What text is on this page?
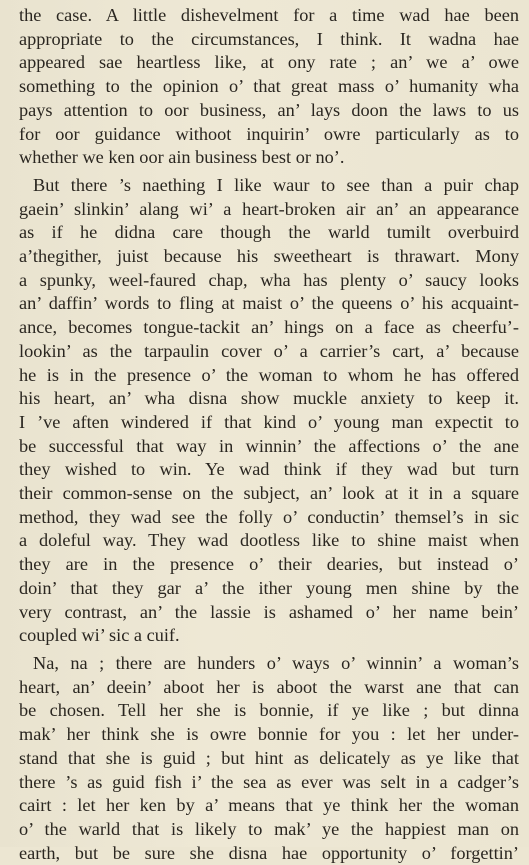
the case. A little dishevelment for a time wad hae been
appropriate to the circumstances, I think. It wadna hae
appeared sae heartless like, at ony rate ; an’ we a’ owe
something to the opinion o’ that great mass o’ humanity wha
pays attention to oor business, an’ lays doon the laws to us
for oor guidance withoot inquirin’ owre particularly as to
whether we ken oor ain business best or no’.

But there ’s naething I like waur to see than a puir chap
gaein’ slinkin’ alang wi’ a heart-broken air an’ an appearance
as if he didna care though the warld tumilt overbuird
a’thegither, juist because his sweetheart is thrawart. Mony
a spunky, weel-faured chap, wha has plenty o’ saucy looks
an’ daffin’ words to fling at maist o’ the queens o’ his acquaint-
ance, becomes tongue-tackit an’ hings on a face as cheerfu’-
lookin’ as the tarpaulin cover o’ a carrier’s cart, a’ because
he is in the presence o’ the woman to whom he has offered
his heart, an’ wha disna show muckle anxiety to keep it.
I ’ve aften windered if that kind o’ young man expectit to
be successful that way in winnin’ the affections o’ the ane
they wished to win. Ye wad think if they wad but turn
their common-sense on the subject, an’ look at it in a square
method, they wad see the folly o’ conductin’ themsel’s in sic
a doleful way. They wad dootless like to shine maist when
they are in the presence o’ their dearies, but instead o’
doin’ that they gar a’ the ither young men shine by the
very contrast, an’ the lassie is ashamed o’ her name bein’
coupled wi’ sic a cuif.

Na, na ; there are hunders o’ ways o’ winnin’ a woman’s
heart, an’ deein’ aboot her is aboot the warst ane that can
be chosen. Tell her she is bonnie, if ye like ; but dinna
mak’ her think she is owre bonnie for you : let her under-
stand that she is guid ; but hint as delicately as ye like that
there ’s as guid fish i’ the sea as ever was selt in a cadger’s
cairt : let her ken by a’ means that ye think her the woman
o’ the warld that is likely to mak’ ye the happiest man on
earth, but be sure she disna hae opportunity o’ forgettin’
